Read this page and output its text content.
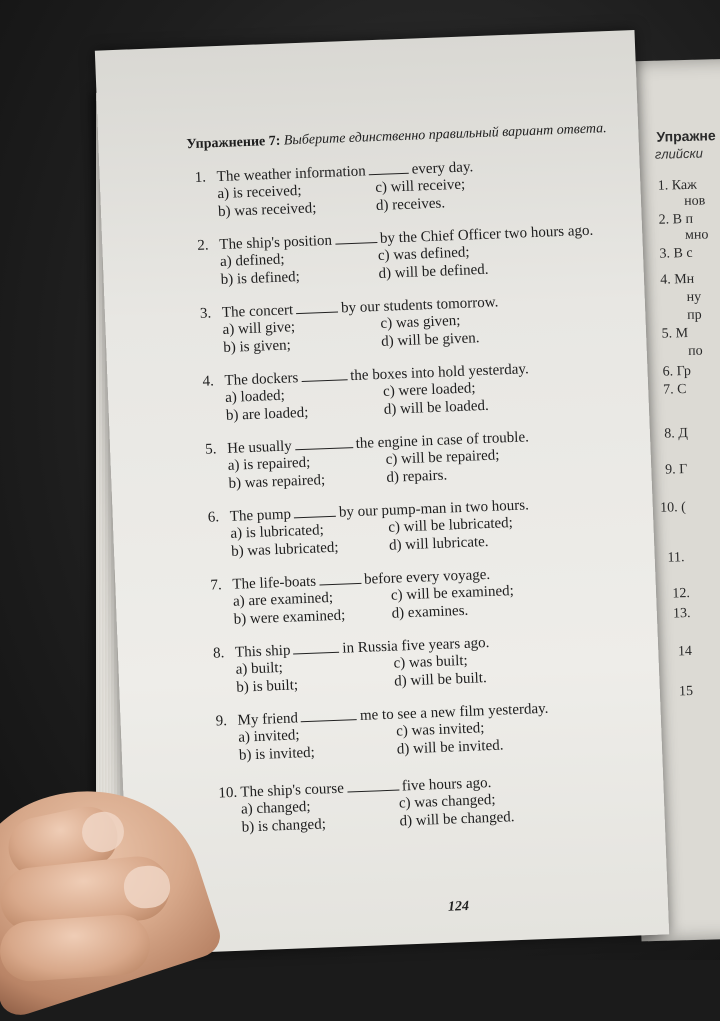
Упражне
глийски
1. Каж
нов
2. В п
мно
3. В с
4. Мн
ну
пр
5. М
по
6. Гр
7. С
8. Д
9. Г
10. (
11.
12.
13.
14
15
Упражнение 7: Выберите единственно правильный вариант ответа.
1. The weather information	every day.
a) is received;
b) was received;
c) will receive;
d) receives.
2. The ship's position	by the Chief Officer two hours ago.
a) defined;
b) is defined;
c) was defined;
d) will be defined.
3. The concert	by our students tomorrow.
a) will give;
b) is given;
c) was given;
d) will be given.
4. The dockers	the boxes into hold yesterday.
a) loaded;
b) are loaded;
c) were loaded;
d) will be loaded.
5. He usually	the engine in case of trouble.
a) is repaired;
b) was repaired;
c) will be repaired;
d) repairs.
6. The pump	by our pump-man in two hours.
a) is lubricated;
b) was lubricated;
c) will be lubricated;
d) will lubricate.
7. The life-boats	before every voyage.
a) are examined;
b) were examined;
c) will be examined;
d) examines.
8. This ship	in Russia five years ago.
a) built;
b) is built;
c) was built;
d) will be built.
9. My friend	me to see a new film yesterday.
a) invited;
b) is invited;
c) was invited;
d) will be invited.
10. The ship's course	five hours ago.
a) changed;
b) is changed;
c) was changed;
d) will be changed.
124
